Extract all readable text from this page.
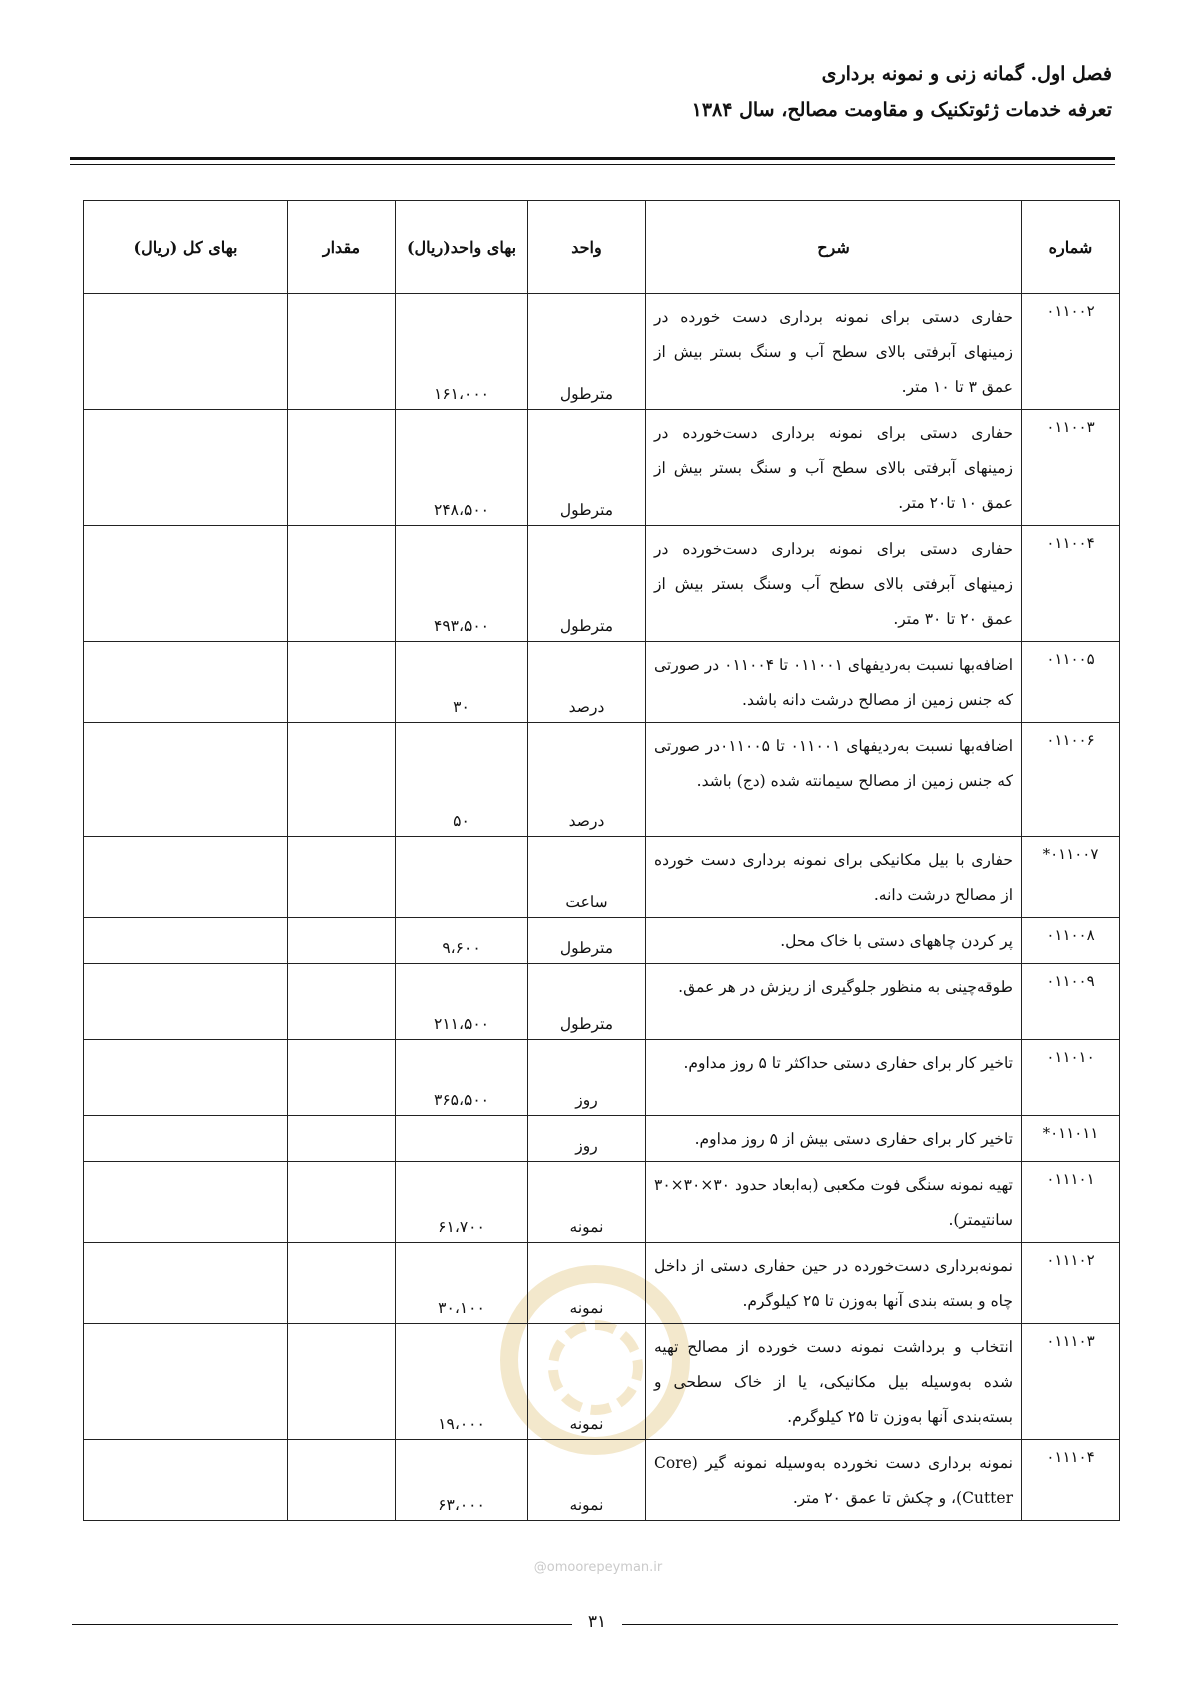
فصل اول. گمانه زنی و نمونه برداری
تعرفه خدمات ژئوتکنیک و مقاومت مصالح، سال ۱۳۸۴
شماره	شرح	واحد	بهای واحد(ریال)	مقدار	بهای کل (ریال)
۰۱۱۰۰۲	حفاری دستی برای نمونه برداری دست خورده در زمینهای آبرفتی بالای سطح آب و سنگ بستر بیش از عمق ۳ تا ۱۰ متر.	مترطول	۱۶۱،۰۰۰		
۰۱۱۰۰۳	حفاری دستی برای نمونه برداری دست‌خورده در زمینهای آبرفتی بالای سطح آب و سنگ بستر بیش از عمق ۱۰ تا۲۰ متر.	مترطول	۲۴۸،۵۰۰		
۰۱۱۰۰۴	حفاری دستی برای نمونه برداری دست‌خورده در زمینهای آبرفتی بالای سطح آب وسنگ بستر بیش از عمق ۲۰ تا ۳۰ متر.	مترطول	۴۹۳،۵۰۰		
۰۱۱۰۰۵	اضافه‌بها نسبت به‌ردیفهای ۰۱۱۰۰۱ تا ۰۱۱۰۰۴ در صورتی که جنس زمین از مصالح درشت دانه باشد.	درصد	۳۰		
۰۱۱۰۰۶	اضافه‌بها نسبت به‌ردیفهای ۰۱۱۰۰۱ تا ۰۱۱۰۰۵در صورتی که جنس زمین از مصالح سیمانته شده (دج) باشد.	درصد	۵۰		
۰۱۱۰۰۷*	حفاری با بیل مکانیکی برای نمونه برداری دست خورده از مصالح درشت دانه.	ساعت			
۰۱۱۰۰۸	پر کردن چاههای دستی با خاک محل.	مترطول	۹،۶۰۰		
۰۱۱۰۰۹	طوقه‌چینی به منظور جلوگیری از ریزش در هر عمق.	مترطول	۲۱۱،۵۰۰		
۰۱۱۰۱۰	تاخیر کار برای حفاری دستی حداکثر تا ۵ روز مداوم.	روز	۳۶۵،۵۰۰		
۰۱۱۰۱۱*	تاخیر کار برای حفاری دستی بیش از ۵ روز مداوم.	روز			
۰۱۱۱۰۱	تهیه نمونه سنگی فوت مکعبی (به‌ابعاد حدود ۳۰×۳۰×۳۰ سانتیمتر).	نمونه	۶۱،۷۰۰		
۰۱۱۱۰۲	نمونه‌برداری دست‌خورده در حین حفاری دستی از داخل چاه و بسته بندی آنها به‌وزن تا ۲۵ کیلوگرم.	نمونه	۳۰،۱۰۰		
۰۱۱۱۰۳	انتخاب و برداشت نمونه دست خورده از مصالح تهیه شده به‌وسیله بیل مکانیکی، یا از خاک سطحی و بسته‌بندی آنها به‌وزن تا ۲۵ کیلوگرم.	نمونه	۱۹،۰۰۰		
۰۱۱۱۰۴	نمونه برداری دست نخورده به‌وسیله نمونه گیر (Core Cutter)، و چکش تا عمق ۲۰ متر.	نمونه	۶۳،۰۰۰		
@omoorepeyman.ir
۳۱
